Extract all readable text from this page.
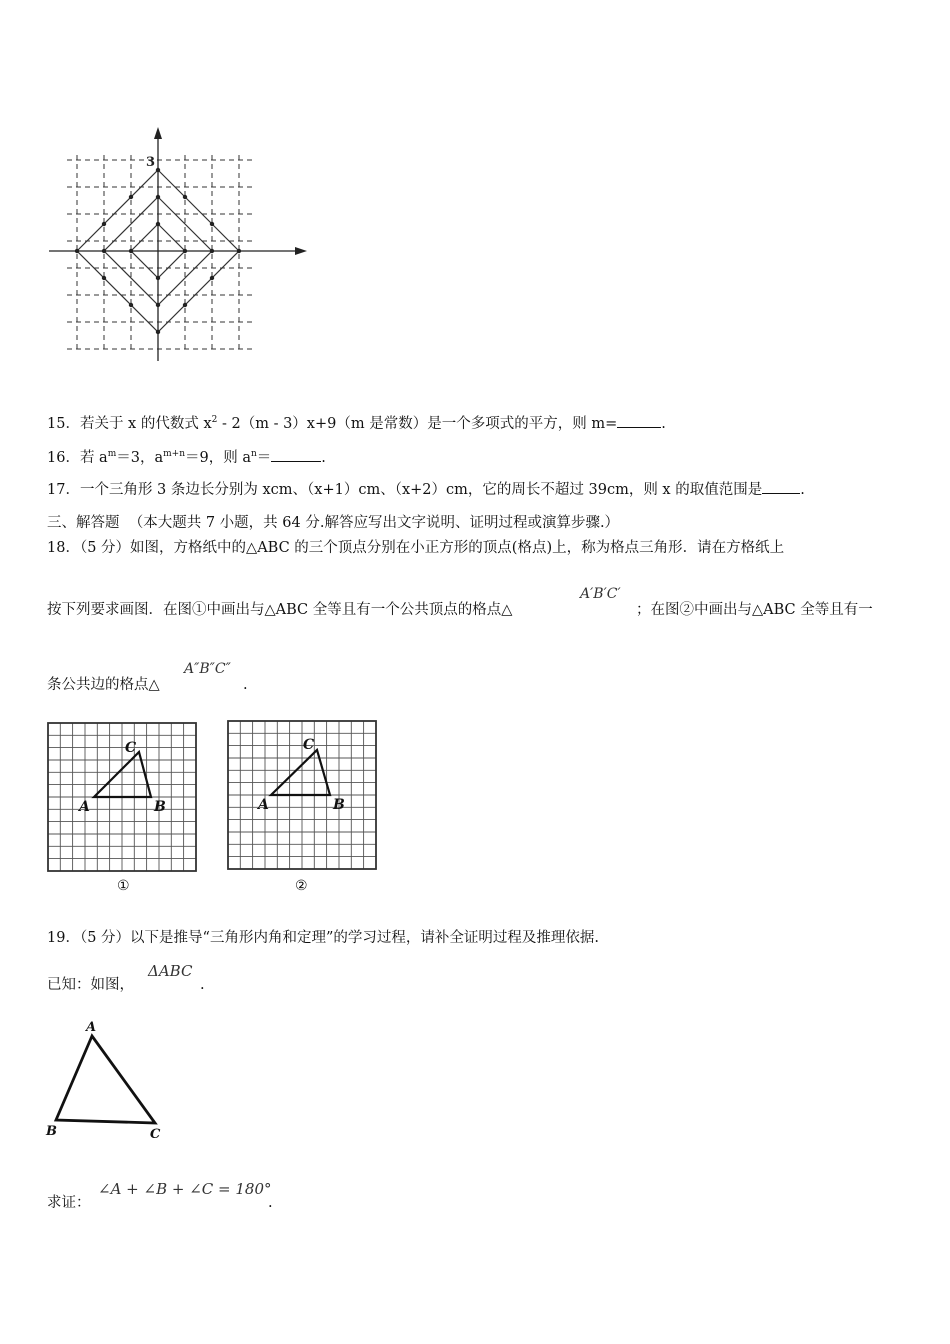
3
15．若关于 x 的代数式 $x^2 - 2(m - 3)x+9(m$ 是常数）是一个多项式的平方，则 m=	.
16．若 $a^m=3$，$a^{m+n}=9$，则 $a^n=$	.
17．一个三角形 3 条边长分别为 xcm、（x+1）cm、（x+2）cm，它的周长不超过 39cm，则 x 的取值范围是	.
三、解答题 （本大题共 7 小题，共 64 分.解答应写出文字说明、证明过程或演算步骤.）
18．（5 分）如图，方格纸中的△ABC 的三个顶点分别在小正方形的顶点(格点)上，称为格点三角形．请在方格纸上
按下列要求画图．在图①中画出与△ABC 全等且有一个公共顶点的格点△
A′B′C′
；在图②中画出与△ABC 全等且有一
条公共边的格点△
A″B″C″
.
A	B
C
①
A	B
C
②
19．（5 分）以下是推导“三角形内角和定理”的学习过程，请补全证明过程及推理依据.
已知：如图，
ΔABC
.
A
B	C
求证：
∠A + ∠B + ∠C = 180°
.
